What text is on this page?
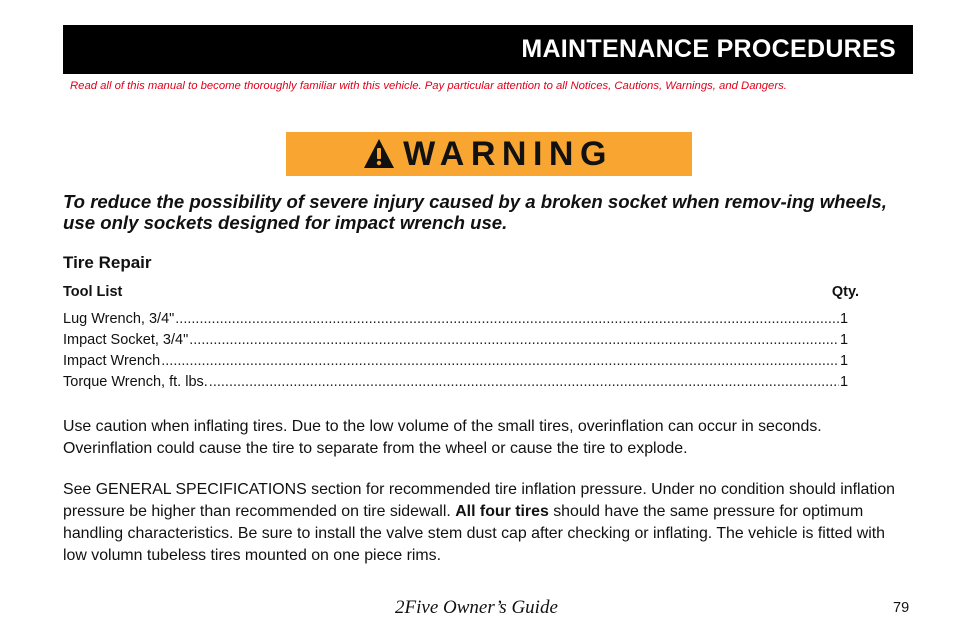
MAINTENANCE PROCEDURES
Read all of this manual to become thoroughly familiar with this vehicle. Pay particular attention to all Notices, Cautions, Warnings, and Dangers.
WARNING
To reduce the possibility of severe injury caused by a broken socket when remov-ing wheels, use only sockets designed for impact wrench use.
Tire Repair
Tool List	Qty.
Lug Wrench, 3/4" .....	1
Impact Socket, 3/4" .....	1
Impact Wrench .....	1
Torque Wrench, ft. lbs. .....	1
Use caution when inflating tires. Due to the low volume of the small tires, overinflation can occur in seconds. Overinflation could cause the tire to separate from the wheel or cause the tire to explode.
See GENERAL SPECIFICATIONS section for recommended tire inflation pressure. Under no condition should inflation pressure be higher than recommended on tire sidewall. All four tires should have the same pressure for optimum handling characteristics. Be sure to install the valve stem dust cap after checking or inflating. The vehicle is fitted with low volumn tubeless tires mounted on one piece rims.
2Five Owner’s Guide	79
